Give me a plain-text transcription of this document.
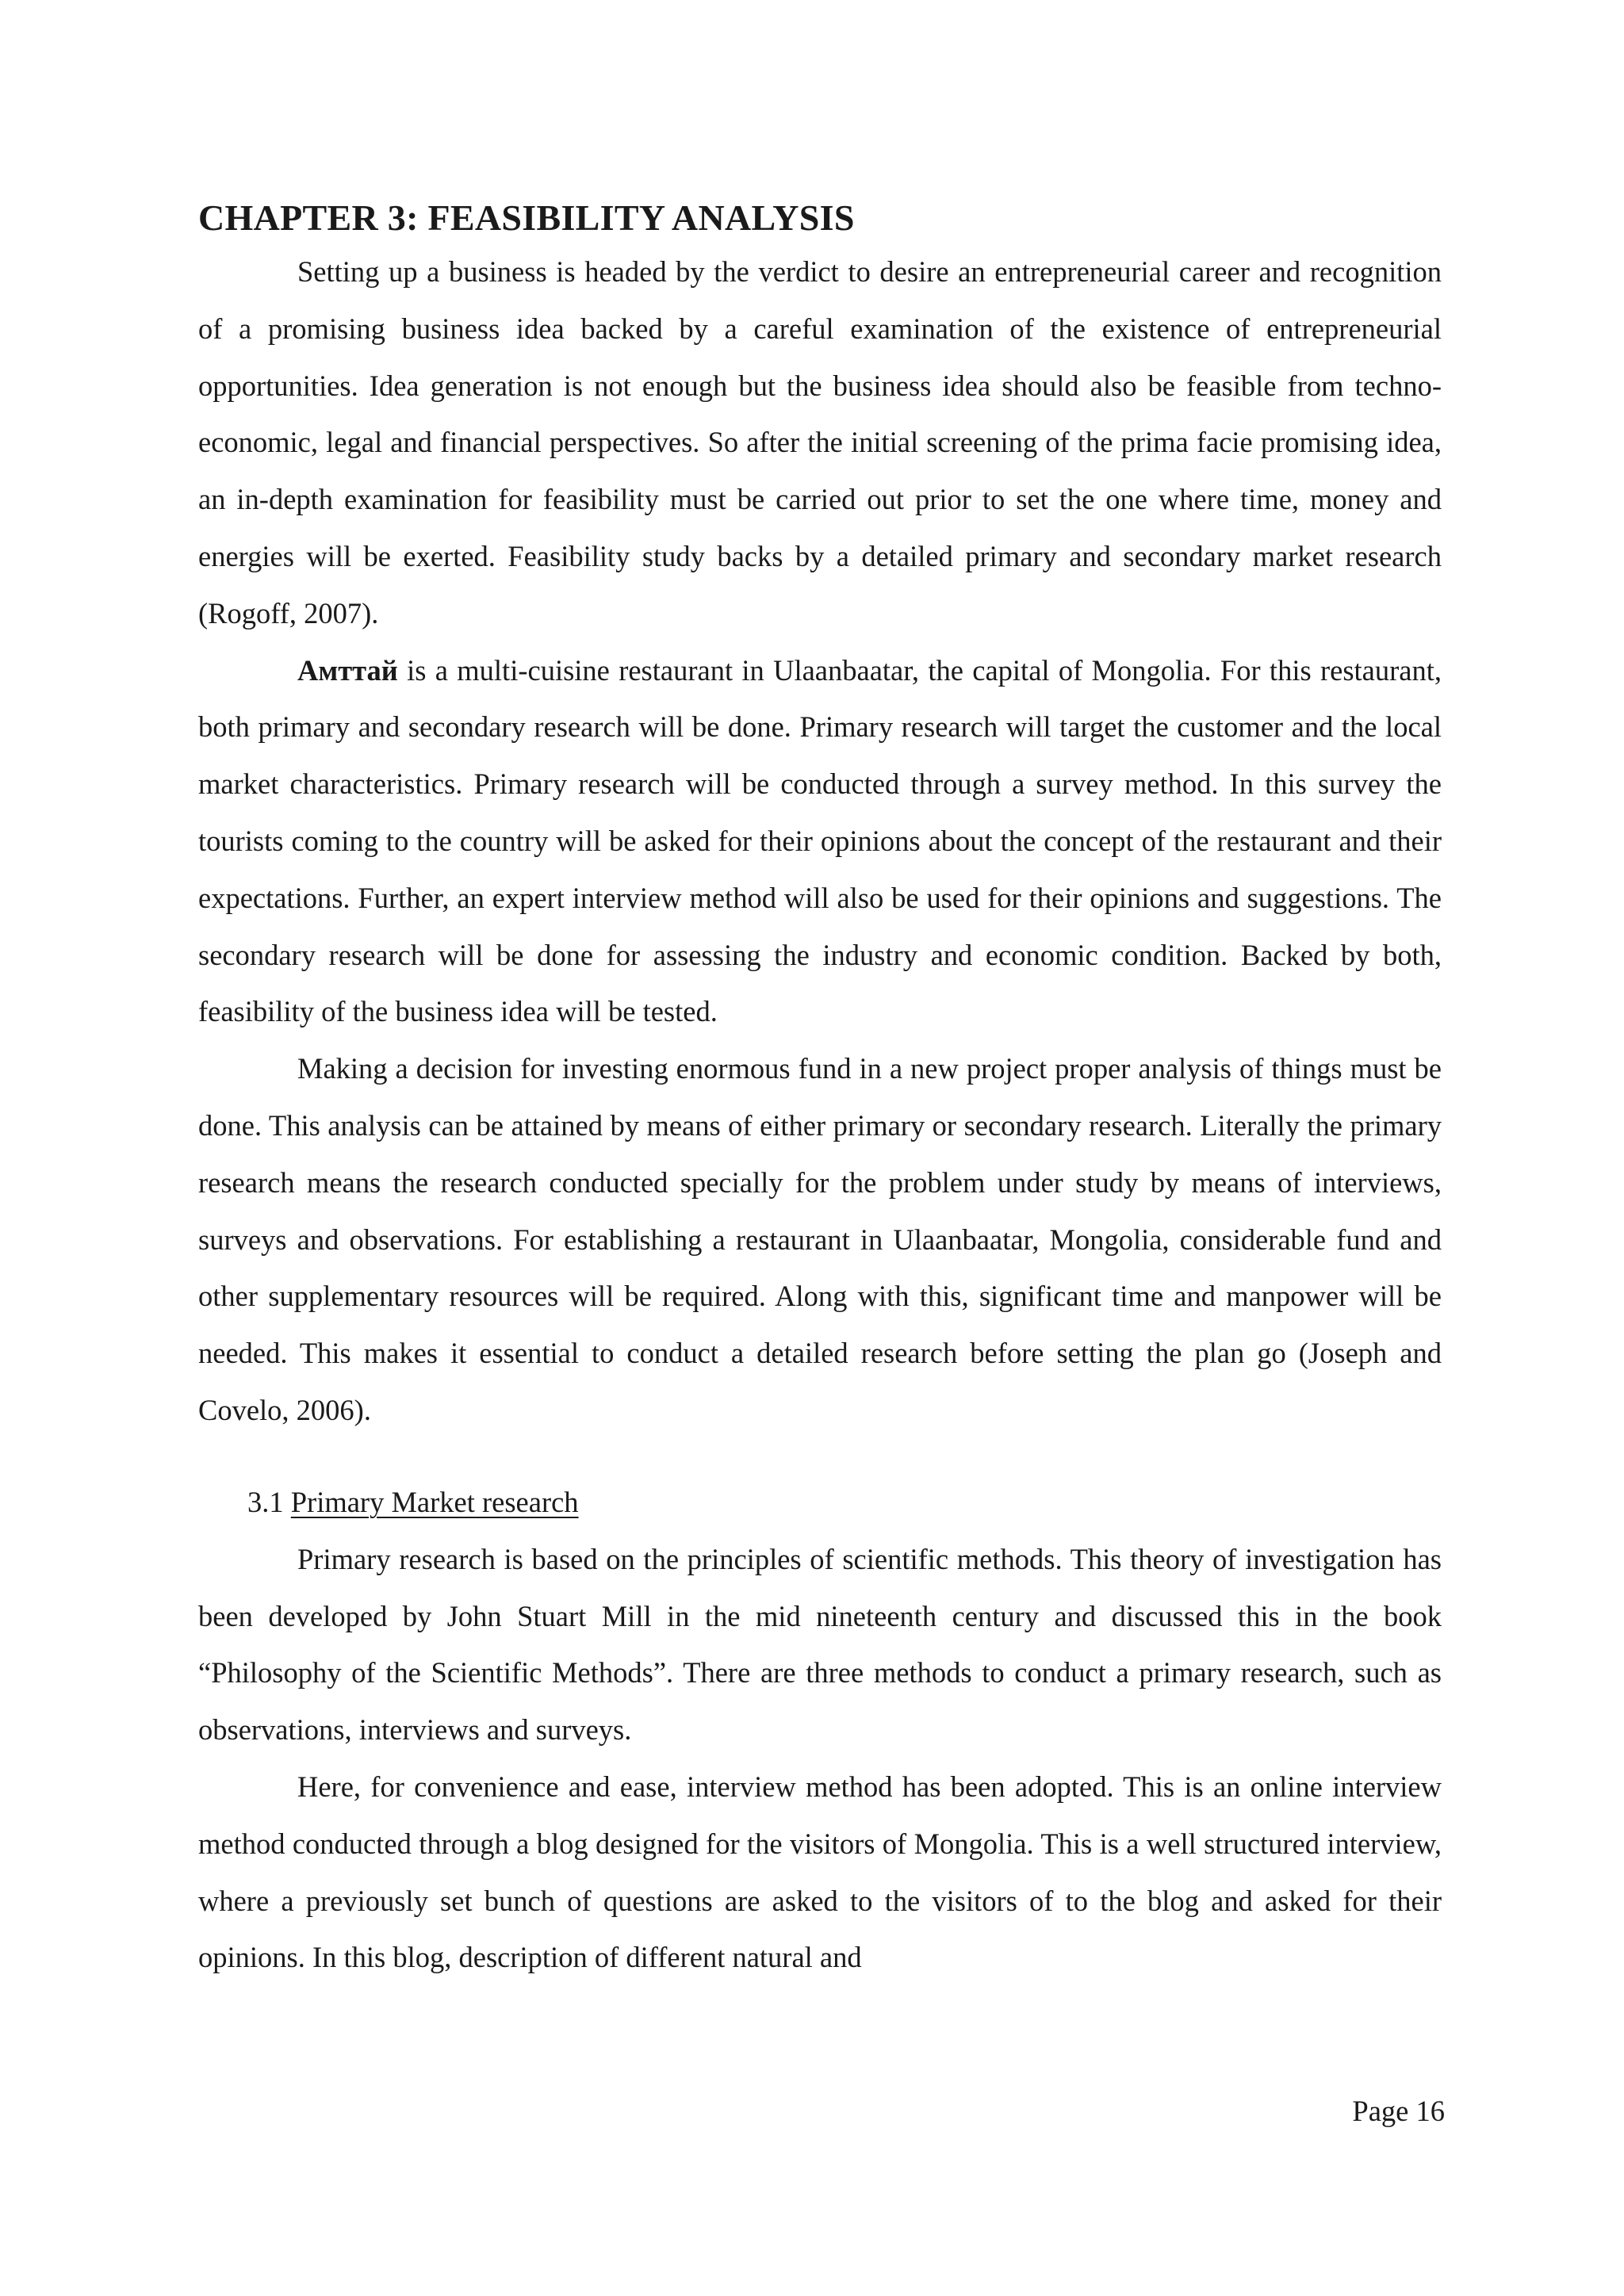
CHAPTER 3: FEASIBILITY ANALYSIS

Setting up a business is headed by the verdict to desire an entrepreneurial career and recognition of a promising business idea backed by a careful examination of the existence of entrepreneurial opportunities. Idea generation is not enough but the business idea should also be feasible from techno-economic, legal and financial perspectives. So after the initial screening of the prima facie promising idea, an in-depth examination for feasibility must be carried out prior to set the one where time, money and energies will be exerted. Feasibility study backs by a detailed primary and secondary market research (Rogoff, 2007).

Амттай is a multi-cuisine restaurant in Ulaanbaatar, the capital of Mongolia. For this restaurant, both primary and secondary research will be done. Primary research will target the customer and the local market characteristics. Primary research will be conducted through a survey method. In this survey the tourists coming to the country will be asked for their opinions about the concept of the restaurant and their expectations. Further, an expert interview method will also be used for their opinions and suggestions. The secondary research will be done for assessing the industry and economic condition. Backed by both, feasibility of the business idea will be tested.

Making a decision for investing enormous fund in a new project proper analysis of things must be done. This analysis can be attained by means of either primary or secondary research. Literally the primary research means the research conducted specially for the problem under study by means of interviews, surveys and observations. For establishing a restaurant in Ulaanbaatar, Mongolia, considerable fund and other supplementary resources will be required. Along with this, significant time and manpower will be needed. This makes it essential to conduct a detailed research before setting the plan go (Joseph and Covelo, 2006).

3.1 Primary Market research

Primary research is based on the principles of scientific methods. This theory of investigation has been developed by John Stuart Mill in the mid nineteenth century and discussed this in the book “Philosophy of the Scientific Methods”. There are three methods to conduct a primary research, such as observations, interviews and surveys.

Here, for convenience and ease, interview method has been adopted. This is an online interview method conducted through a blog designed for the visitors of Mongolia. This is a well structured interview, where a previously set bunch of questions are asked to the visitors of to the blog and asked for their opinions. In this blog, description of different natural and

Page 16
